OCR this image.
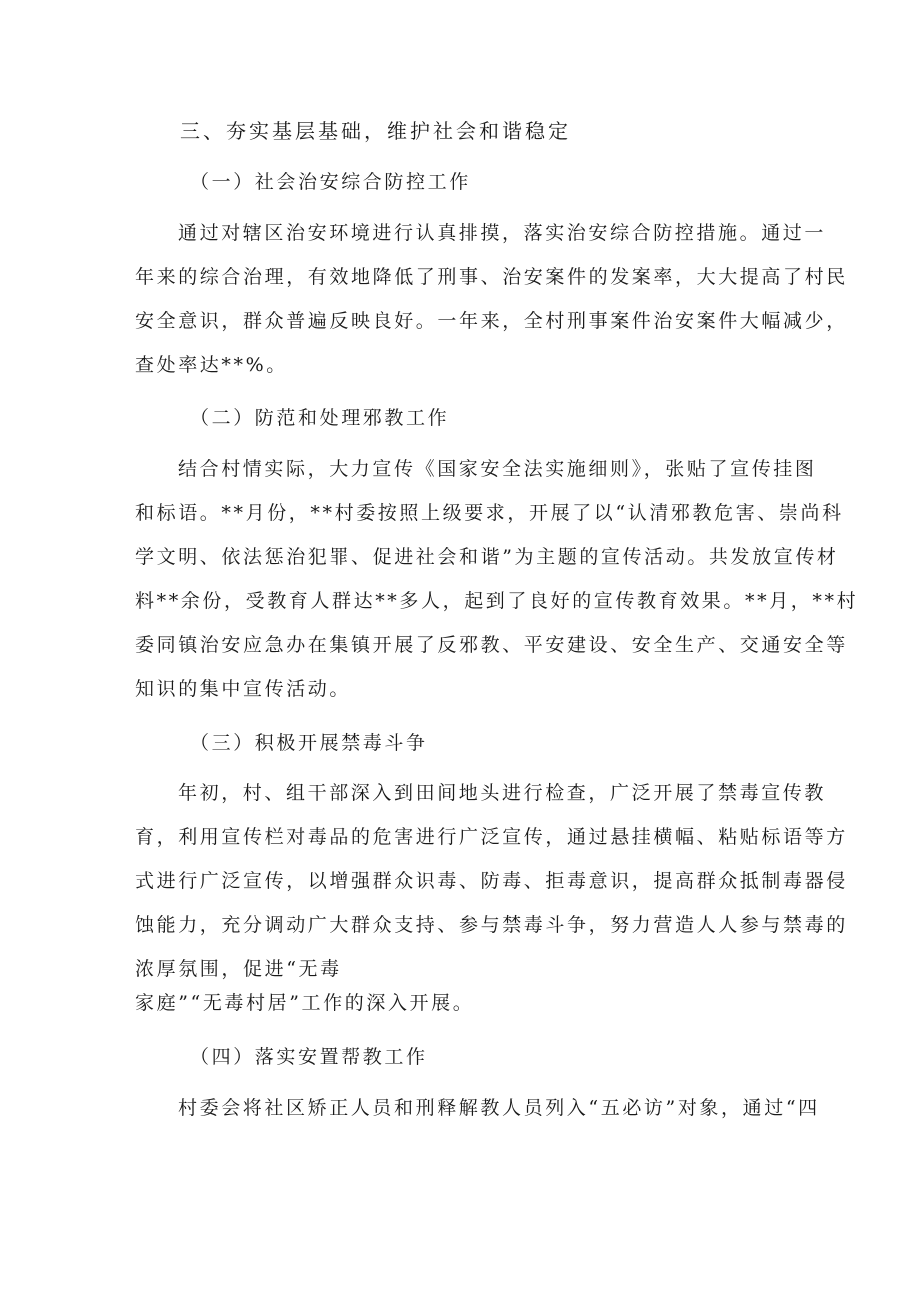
三、夯实基层基础，维护社会和谐稳定

（一）社会治安综合防控工作

通过对辖区治安环境进行认真排摸，落实治安综合防控措施。通过一

年来的综合治理，有效地降低了刑事、治安案件的发案率，大大提高了村民

安全意识，群众普遍反映良好。一年来，全村刑事案件治安案件大幅减少，

查处率达**%。

（二）防范和处理邪教工作

结合村情实际，大力宣传《国家安全法实施细则》，张贴了宣传挂图

和标语。**月份，**村委按照上级要求，开展了以“认清邪教危害、崇尚科

学文明、依法惩治犯罪、促进社会和谐”为主题的宣传活动。共发放宣传材

料**余份，受教育人群达**多人，起到了良好的宣传教育效果。**月，**村

委同镇治安应急办在集镇开展了反邪教、平安建设、安全生产、交通安全等

知识的集中宣传活动。

（三）积极开展禁毒斗争

年初，村、组干部深入到田间地头进行检查，广泛开展了禁毒宣传教

育，利用宣传栏对毒品的危害进行广泛宣传，通过悬挂横幅、粘贴标语等方

式进行广泛宣传，以增强群众识毒、防毒、拒毒意识，提高群众抵制毒器侵

蚀能力，充分调动广大群众支持、参与禁毒斗争，努力营造人人参与禁毒的

浓厚氛围，促进“无毒

家庭”“无毒村居”工作的深入开展。

（四）落实安置帮教工作

村委会将社区矫正人员和刑释解教人员列入“五必访”对象，通过“四
